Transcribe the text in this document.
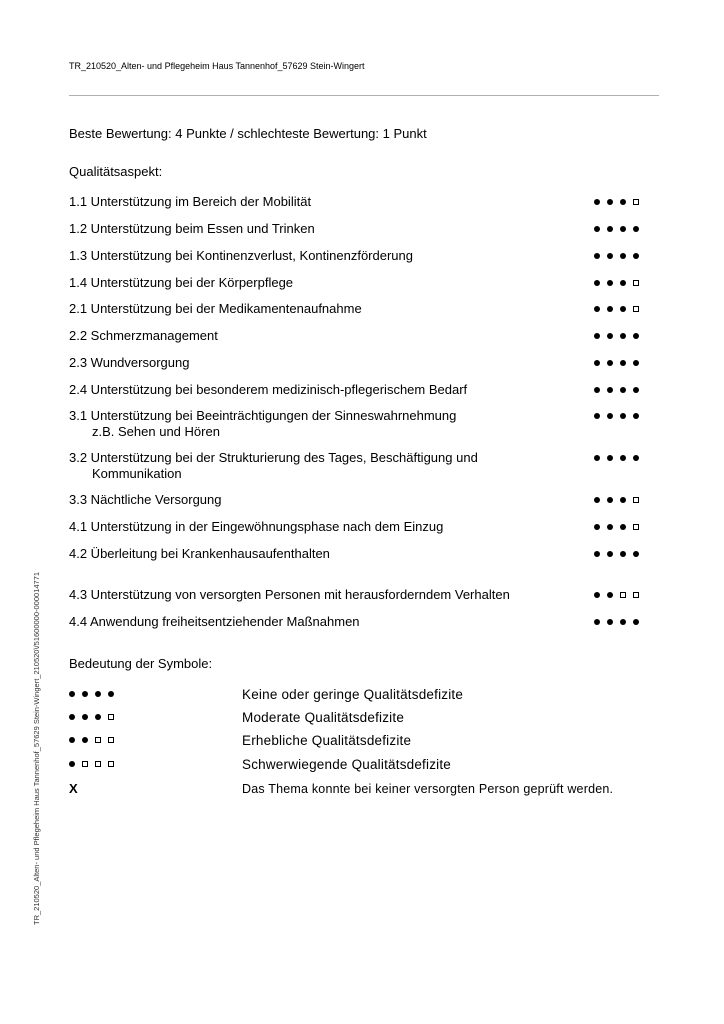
TR_210520_Alten- und Pflegeheim Haus Tannenhof_57629 Stein-Wingert
Beste Bewertung: 4 Punkte / schlechteste Bewertung: 1 Punkt
Qualitätsaspekt:
1.1 Unterstützung im Bereich der Mobilität
1.2 Unterstützung beim Essen und Trinken
1.3 Unterstützung bei Kontinenzverlust, Kontinenzförderung
1.4 Unterstützung bei der Körperpflege
2.1 Unterstützung bei der Medikamentenaufnahme
2.2 Schmerzmanagement
2.3 Wundversorgung
2.4 Unterstützung bei besonderem medizinisch-pflegerischem Bedarf
3.1 Unterstützung bei Beeinträchtigungen der Sinneswahrnehmung
z.B. Sehen und Hören
3.2 Unterstützung bei der Strukturierung des Tages, Beschäftigung und
Kommunikation
3.3 Nächtliche Versorgung
4.1 Unterstützung in der Eingewöhnungsphase nach dem Einzug
4.2 Überleitung bei Krankenhausaufenthalten
4.3 Unterstützung von versorgten Personen mit herausforderndem Verhalten
4.4 Anwendung freiheitsentziehender Maßnahmen
Bedeutung der Symbole:
Keine oder geringe Qualitätsdefizite
Moderate Qualitätsdefizite
Erhebliche Qualitätsdefizite
Schwerwiegende Qualitätsdefizite
X	Das Thema konnte bei keiner versorgten Person geprüft werden.
TR_210520_Alten- und Pflegeheim Haus Tannenhof_57629 Stein-Wingert_210520\/51600000-000014771
